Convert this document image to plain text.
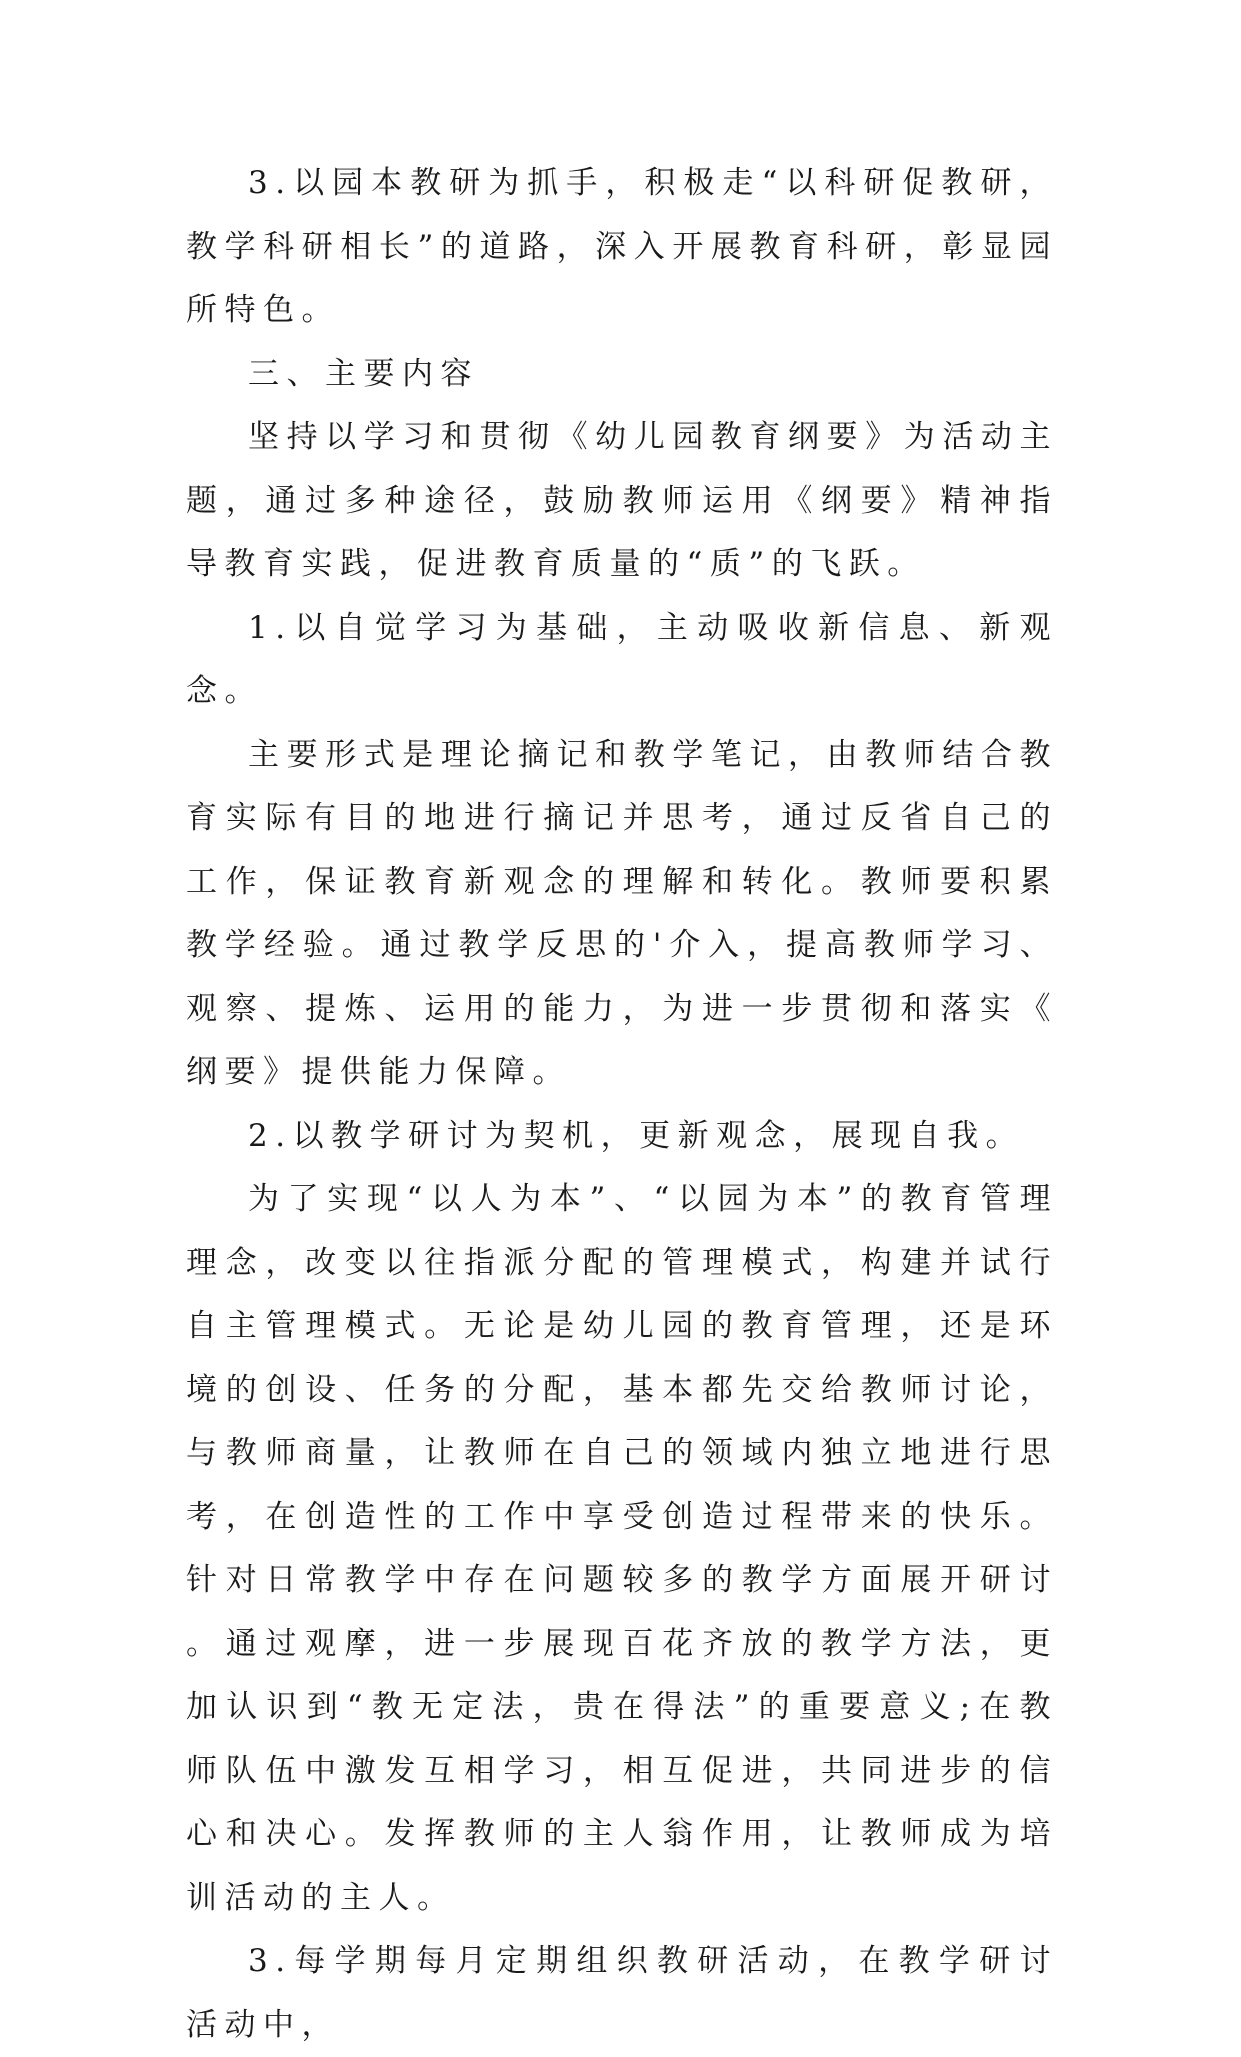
3.以园本教研为抓手，积极走“以科研促教研，教学科研相长”的道路，深入开展教育科研，彰显园所特色。

三、主要内容

坚持以学习和贯彻《幼儿园教育纲要》为活动主题，通过多种途径，鼓励教师运用《纲要》精神指导教育实践，促进教育质量的“质”的飞跃。

1.以自觉学习为基础，主动吸收新信息、新观念。

主要形式是理论摘记和教学笔记，由教师结合教育实际有目的地进行摘记并思考，通过反省自己的工作，保证教育新观念的理解和转化。教师要积累教学经验。通过教学反思的'介入，提高教师学习、观察、提炼、运用的能力，为进一步贯彻和落实《纲要》提供能力保障。

2.以教学研讨为契机，更新观念，展现自我。

为了实现“以人为本”、“以园为本”的教育管理理念，改变以往指派分配的管理模式，构建并试行自主管理模式。无论是幼儿园的教育管理，还是环境的创设、任务的分配，基本都先交给教师讨论，与教师商量，让教师在自己的领域内独立地进行思考，在创造性的工作中享受创造过程带来的快乐。针对日常教学中存在问题较多的教学方面展开研讨。通过观摩，进一步展现百花齐放的教学方法，更加认识到“教无定法，贵在得法”的重要意义;在教师队伍中激发互相学习，相互促进，共同进步的信心和决心。发挥教师的主人翁作用，让教师成为培训活动的主人。

3.每学期每月定期组织教研活动，在教学研讨活动中，
